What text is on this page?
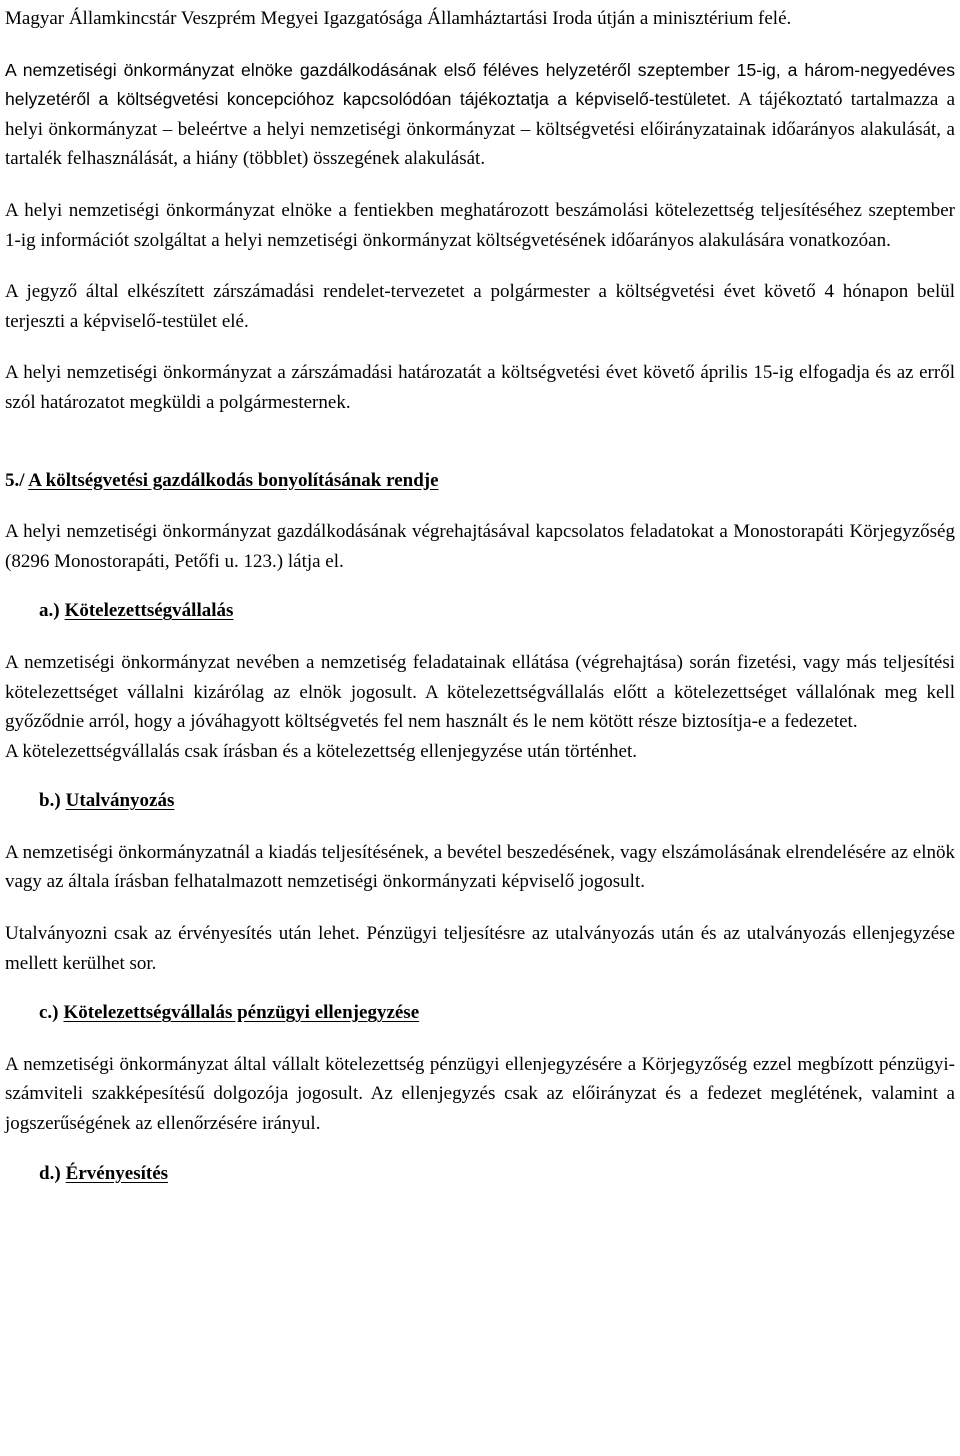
Magyar Államkincstár Veszprém Megyei Igazgatósága Államháztartási Iroda útján a minisztérium felé.

A nemzetiségi önkormányzat elnöke gazdálkodásának első féléves helyzetéről szeptember 15-ig, a három-negyedéves helyzetéről a költségvetési koncepcióhoz kapcsolódóan tájékoztatja a képviselő-testületet. A tájékoztató tartalmazza a helyi önkormányzat – beleértve a helyi nemzetiségi önkormányzat – költségvetési előirányzatainak időarányos alakulását, a tartalék felhasználását, a hiány (többlet) összegének alakulását.

A helyi nemzetiségi önkormányzat elnöke a fentiekben meghatározott beszámolási kötelezettség teljesítéséhez szeptember 1-ig információt szolgáltat a helyi nemzetiségi önkormányzat költségvetésének időarányos alakulására vonatkozóan.

A jegyző által elkészített zárszámadási rendelet-tervezetet a polgármester a költségvetési évet követő 4 hónapon belül terjeszti a képviselő-testület elé.

A helyi nemzetiségi önkormányzat a zárszámadási határozatát a költségvetési évet követő április 15-ig elfogadja és az erről szól határozatot megküldi a polgármesternek.

5./ A költségvetési gazdálkodás bonyolításának rendje

A helyi nemzetiségi önkormányzat gazdálkodásának végrehajtásával kapcsolatos feladatokat a Monostorapáti Körjegyzőség (8296 Monostorapáti, Petőfi u. 123.) látja el.

a.) Kötelezettségvállalás

A nemzetiségi önkormányzat nevében a nemzetiség feladatainak ellátása (végrehajtása) során fizetési, vagy más teljesítési kötelezettséget vállalni kizárólag az elnök jogosult. A kötelezettségvállalás előtt a kötelezettséget vállalónak meg kell győződnie arról, hogy a jóváhagyott költségvetés fel nem használt és le nem kötött része biztosítja-e a fedezetet.

A kötelezettségvállalás csak írásban és a kötelezettség ellenjegyzése után történhet.

b.) Utalványozás

A nemzetiségi önkormányzatnál a kiadás teljesítésének, a bevétel beszedésének, vagy elszámolásának elrendelésére az elnök vagy az általa írásban felhatalmazott nemzetiségi önkormányzati képviselő jogosult.

Utalványozni csak az érvényesítés után lehet. Pénzügyi teljesítésre az utalványozás után és az utalványozás ellenjegyzése mellett kerülhet sor.

c.) Kötelezettségvállalás pénzügyi ellenjegyzése

A nemzetiségi önkormányzat által vállalt kötelezettség pénzügyi ellenjegyzésére a Körjegyzőség ezzel megbízott pénzügyi-számviteli szakképesítésű dolgozója jogosult. Az ellenjegyzés csak az előirányzat és a fedezet meglétének, valamint a jogszerűségének az ellenőrzésére irányul.

d.) Érvényesítés
